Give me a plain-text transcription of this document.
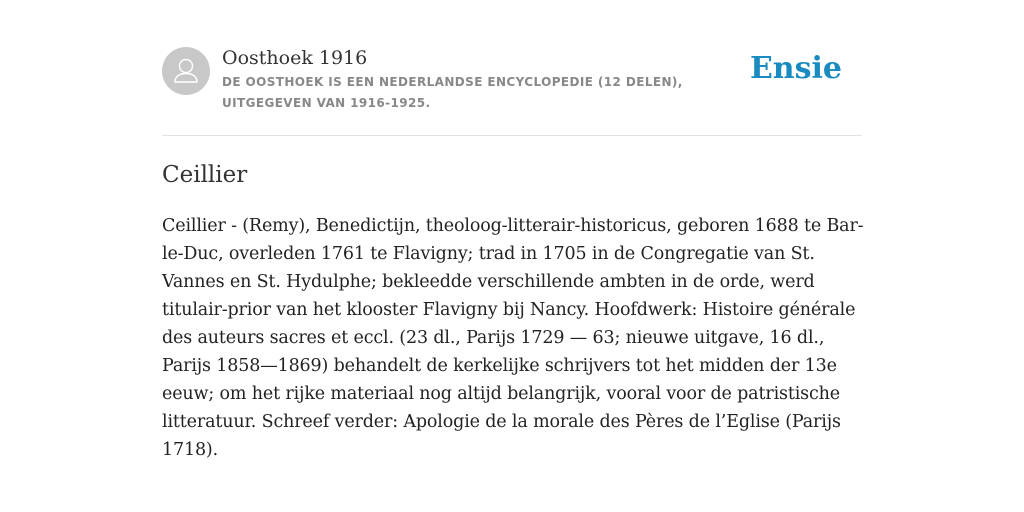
Oosthoek 1916
DE OOSTHOEK IS EEN NEDERLANDSE ENCYCLOPEDIE (12 DELEN), UITGEGEVEN VAN 1916-1925.
Ensie
Ceillier

Ceillier - (Remy), Benedictijn, theoloog-litterair-historicus, geboren 1688 te Bar-le-Duc, overleden 1761 te Flavigny; trad in 1705 in de Congregatie van St. Vannes en St. Hydulphe; bekleedde verschillende ambten in de orde, werd titulair-prior van het klooster Flavigny bij Nancy. Hoofdwerk: Histoire générale des auteurs sacres et eccl. (23 dl., Parijs 1729 — 63; nieuwe uitgave, 16 dl., Parijs 1858—1869) behandelt de kerkelijke schrijvers tot het midden der 13e eeuw; om het rijke materiaal nog altijd belangrijk, vooral voor de patristische litteratuur. Schreef verder: Apologie de la morale des Pères de l’Eglise (Parijs 1718).
